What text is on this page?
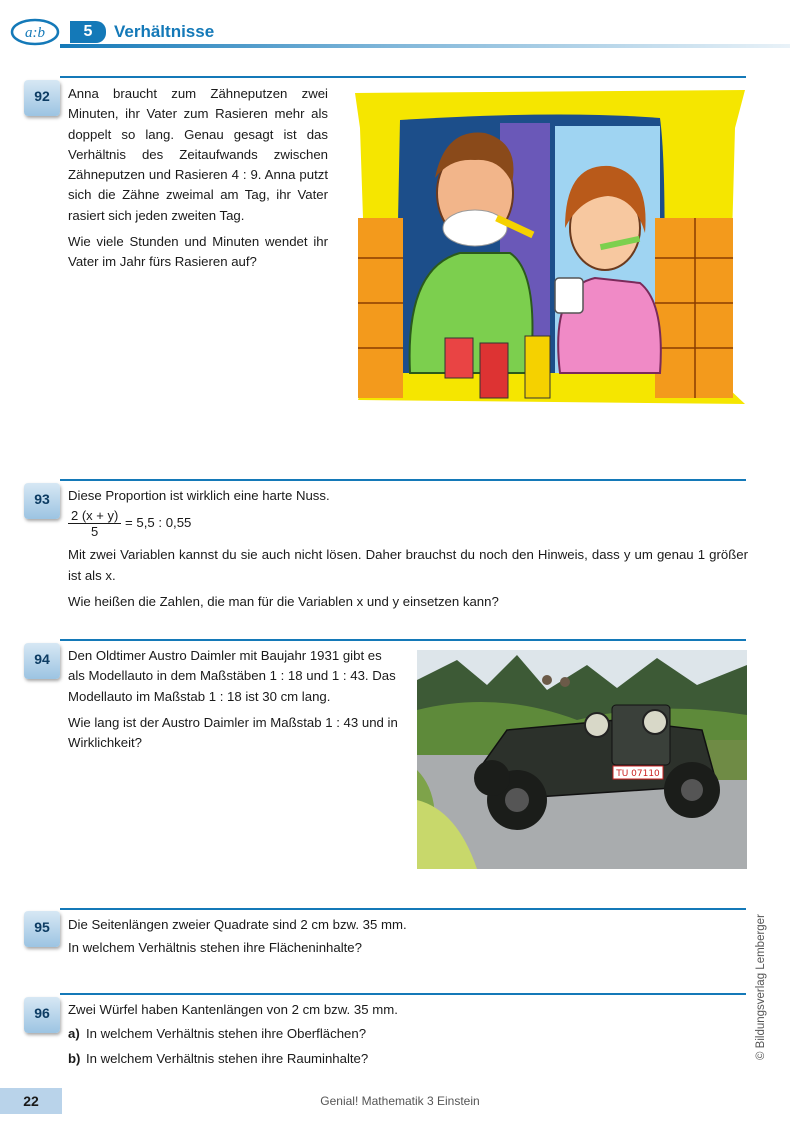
a:b	5	Verhältnisse
92	Anna braucht zum Zähneputzen zwei Minuten, ihr Vater zum Rasieren mehr als doppelt so lang. Genau gesagt ist das Verhältnis des Zeitaufwands zwischen Zähneputzen und Rasieren 4 : 9. Anna putzt sich die Zähne zweimal am Tag, ihr Vater rasiert sich jeden zweiten Tag.

Wie viele Stunden und Minuten wendet ihr Vater im Jahr fürs Rasieren auf?

93	Diese Proportion ist wirklich eine harte Nuss.

$\frac{2 (x + y)}{5} = 5,5$ : 0,55

Mit zwei Variablen kannst du sie auch nicht lösen. Daher brauchst du noch den Hinweis, dass y um genau 1 größer ist als x.

Wie heißen die Zahlen, die man für die Variablen x und y einsetzen kann?

94	Den Oldtimer Austro Daimler mit Baujahr 1931 gibt es als Modellauto in dem Maßstäben 1 : 18 und 1 : 43. Das Modellauto im Maßstab 1 : 18 ist 30 cm lang.

Wie lang ist der Austro Daimler im Maßstab 1 : 43 und in Wirklichkeit?

TU 07110
95	Die Seitenlängen zweier Quadrate sind 2 cm bzw. 35 mm.

In welchem Verhältnis stehen ihre Flächeninhalte?

96	Zwei Würfel haben Kantenlängen von 2 cm bzw. 35 mm.

a) In welchem Verhältnis stehen ihre Oberflächen?

b) In welchem Verhältnis stehen ihre Rauminhalte?

22	Genial! Mathematik 3 Einstein
© Bildungsverlag Lemberger
